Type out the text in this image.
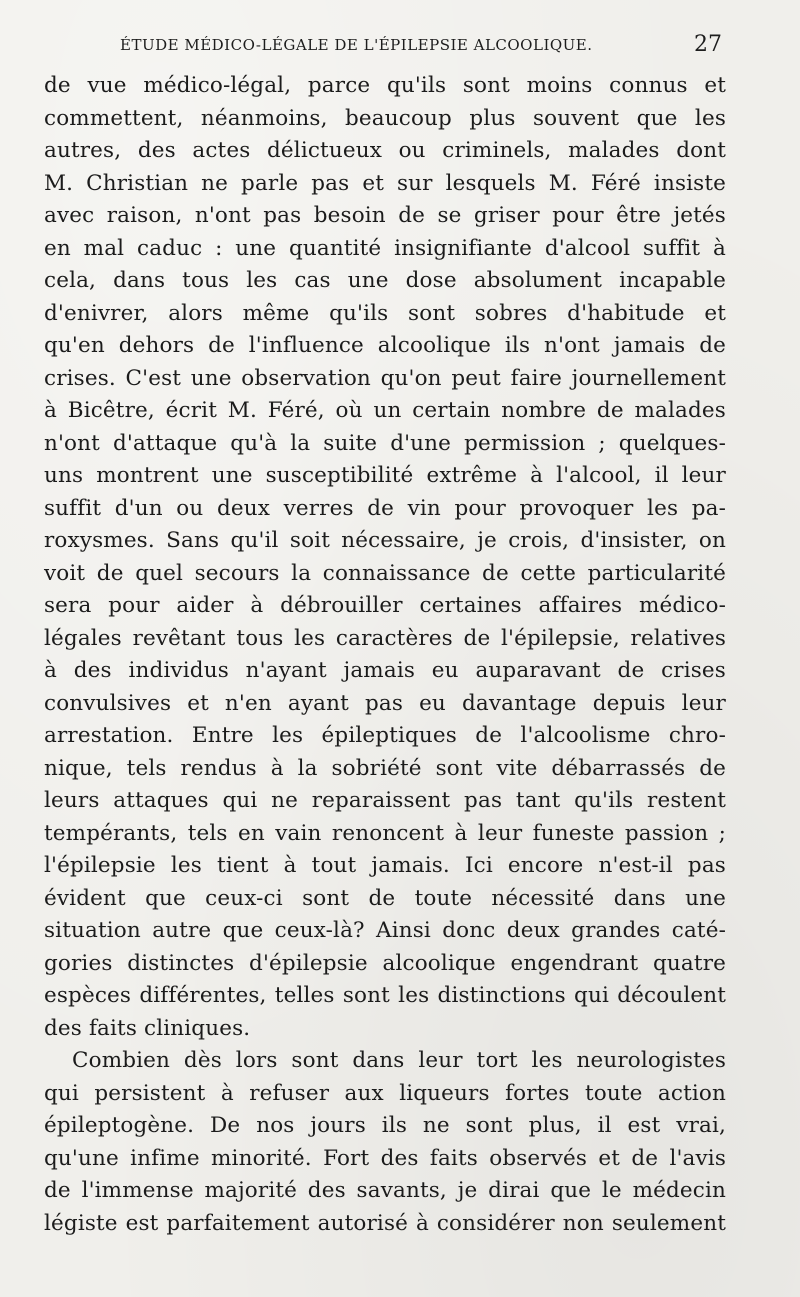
ÉTUDE MÉDICO-LÉGALE DE L'ÉPILEPSIE ALCOOLIQUE.	27
de vue médico-légal, parce qu'ils sont moins connus et
commettent, néanmoins, beaucoup plus souvent que les
autres, des actes délictueux ou criminels, malades dont
M. Christian ne parle pas et sur lesquels M. Féré insiste
avec raison, n'ont pas besoin de se griser pour être jetés
en mal caduc : une quantité insignifiante d'alcool suffit à
cela, dans tous les cas une dose absolument incapable
d'enivrer, alors même qu'ils sont sobres d'habitude et
qu'en dehors de l'influence alcoolique ils n'ont jamais de
crises. C'est une observation qu'on peut faire journellement
à Bicêtre, écrit M. Féré, où un certain nombre de malades
n'ont d'attaque qu'à la suite d'une permission ; quelques-
uns montrent une susceptibilité extrême à l'alcool, il leur
suffit d'un ou deux verres de vin pour provoquer les pa-
roxysmes. Sans qu'il soit nécessaire, je crois, d'insister, on
voit de quel secours la connaissance de cette particularité
sera pour aider à débrouiller certaines affaires médico-
légales revêtant tous les caractères de l'épilepsie, relatives
à des individus n'ayant jamais eu auparavant de crises
convulsives et n'en ayant pas eu davantage depuis leur
arrestation. Entre les épileptiques de l'alcoolisme chro-
nique, tels rendus à la sobriété sont vite débarrassés de
leurs attaques qui ne reparaissent pas tant qu'ils restent
tempérants, tels en vain renoncent à leur funeste passion ;
l'épilepsie les tient à tout jamais. Ici encore n'est-il pas
évident que ceux-ci sont de toute nécessité dans une
situation autre que ceux-là? Ainsi donc deux grandes caté-
gories distinctes d'épilepsie alcoolique engendrant quatre
espèces différentes, telles sont les distinctions qui découlent
des faits cliniques.
Combien dès lors sont dans leur tort les neurologistes
qui persistent à refuser aux liqueurs fortes toute action
épileptogène. De nos jours ils ne sont plus, il est vrai,
qu'une infime minorité. Fort des faits observés et de l'avis
de l'immense majorité des savants, je dirai que le médecin
légiste est parfaitement autorisé à considérer non seulement
